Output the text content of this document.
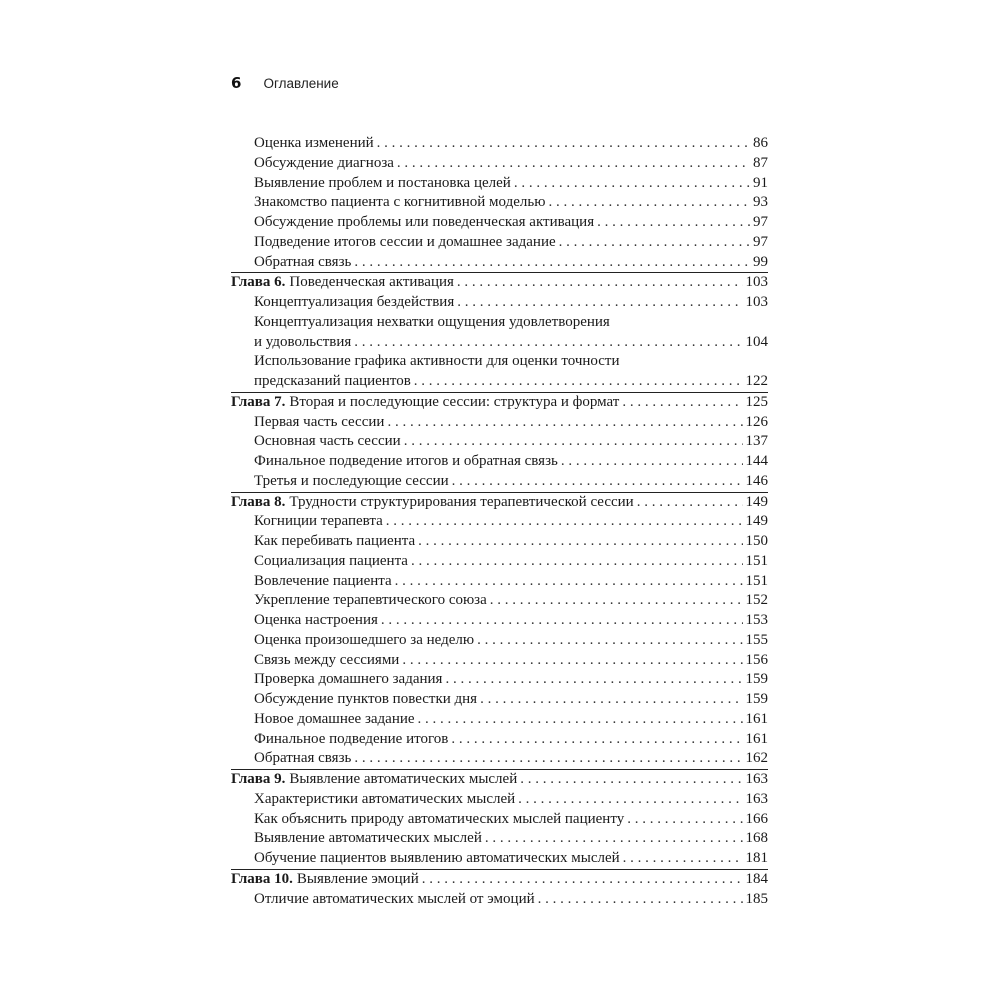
6 Оглавление
Оценка изменений . . .	86
Обсуждение диагноза . . .	87
Выявление проблем и постановка целей . . .	91
Знакомство пациента с когнитивной моделью . . .	93
Обсуждение проблемы или поведенческая активация . . .	97
Подведение итогов сессии и домашнее задание . . .	97
Обратная связь . . .	99
Глава 6. Поведенческая активация . . .	103
Концептуализация бездействия . . .	103
Концептуализация нехватки ощущения удовлетворения
и удовольствия . . .	104
Использование графика активности для оценки точности
предсказаний пациентов . . .	122
Глава 7. Вторая и последующие сессии: структура и формат . . .	125
Первая часть сессии . . .	126
Основная часть сессии . . .	137
Финальное подведение итогов и обратная связь . . .	144
Третья и последующие сессии . . .	146
Глава 8. Трудности структурирования терапевтической сессии . . .	149
Когниции терапевта . . .	149
Как перебивать пациента . . .	150
Социализация пациента . . .	151
Вовлечение пациента . . .	151
Укрепление терапевтического союза . . .	152
Оценка настроения . . .	153
Оценка произошедшего за неделю . . .	155
Связь между сессиями . . .	156
Проверка домашнего задания . . .	159
Обсуждение пунктов повестки дня . . .	159
Новое домашнее задание . . .	161
Финальное подведение итогов . . .	161
Обратная связь . . .	162
Глава 9. Выявление автоматических мыслей . . .	163
Характеристики автоматических мыслей . . .	163
Как объяснить природу автоматических мыслей пациенту . . .	166
Выявление автоматических мыслей . . .	168
Обучение пациентов выявлению автоматических мыслей . . .	181
Глава 10. Выявление эмоций . . .	184
Отличие автоматических мыслей от эмоций . . .	185
